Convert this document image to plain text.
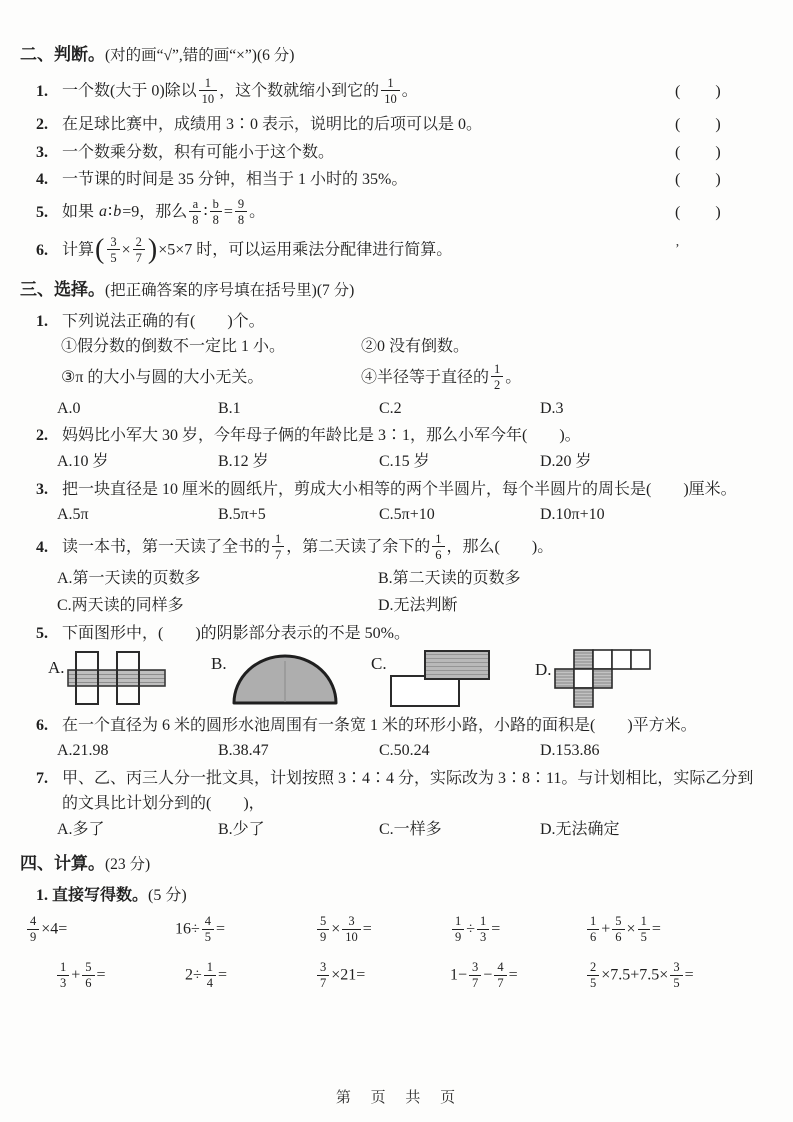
二、判断。(对的画“√”,错的画“×”)(6 分)
1. 一个数(大于 0)除以 $\frac{1}{10}$ ，这个数就缩小到它的 $\frac{1}{10}$ 。	(　　)
2. 在足球比赛中，成绩用 3∶0 表示，说明比的后项可以是 0。	(　　)
3. 一个数乘分数，积有可能小于这个数。	(　　)
4. 一节课的时间是 35 分钟，相当于 1 小时的 35%。	(　　)
5. 如果 a∶b=9，那么 $\frac{a}{8}$ ∶ $\frac{b}{8} = \frac{9}{8}$ 。	(　　)
6. 计算( $\frac{3}{5} \times \frac{2}{7} )\times 5\times 7$ 时，可以运用乘法分配律进行简算。	’
三、选择。(把正确答案的序号填在括号里)(7 分)
1. 下列说法正确的有(　　)个。
①假分数的倒数不一定比 1 小。	②0 没有倒数。
③π 的大小与圆的大小无关。	④半径等于直径的 $\frac{1}{2}$ 。
A.0	B.1	C.2	D.3
2. 妈妈比小军大 30 岁，今年母子俩的年龄比是 3∶1，那么小军今年(　　)。
A.10 岁	B.12 岁	C.15 岁	D.20 岁
3. 把一块直径是 10 厘米的圆纸片，剪成大小相等的两个半圆片，每个半圆片的周长是(　　)厘米。
A.5π	B.5π+5	C.5π+10	D.10π+10
4. 读一本书，第一天读了全书的 $\frac{1}{7}$ ，第二天读了余下的 $\frac{1}{6}$ ，那么(　　)。
A.第一天读的页数多	B.第二天读的页数多
C.两天读的同样多	D.无法判断
5. 下面图形中，(　　)的阴影部分表示的不是 50%。
A.	B.	C.	D.
6. 在一个直径为 6 米的圆形水池周围有一条宽 1 米的环形小路，小路的面积是(　　)平方米。
A.21.98	B.38.47	C.50.24	D.153.86
7. 甲、乙、丙三人分一批文具，计划按照 3∶4∶4 分，实际改为 3∶8∶11。与计划相比，实际乙分到
的文具比计划分到的(　　)，
A.多了	B.少了	C.一样多	D.无法确定
四、计算。(23 分)
1. 直接写得数。(5 分)
$\frac{4}{9} \times 4=$	$16\div \frac{4}{5}$ =	$\frac{5}{9} \times \frac{3}{10}$ =	$\frac{1}{9} \div \frac{1}{3}$ =	$\frac{1}{6} + \frac{5}{6} \times \frac{1}{5}$ =
$\frac{1}{3} + \frac{5}{6}$ =	$2\div \frac{1}{4}$ =	$\frac{3}{7} \times 21=$	$1- \frac{3}{7} - \frac{4}{7}$ =	$\frac{2}{5} \times 7.5+7.5\times \frac{3}{5}$ =
第 页 共 页
